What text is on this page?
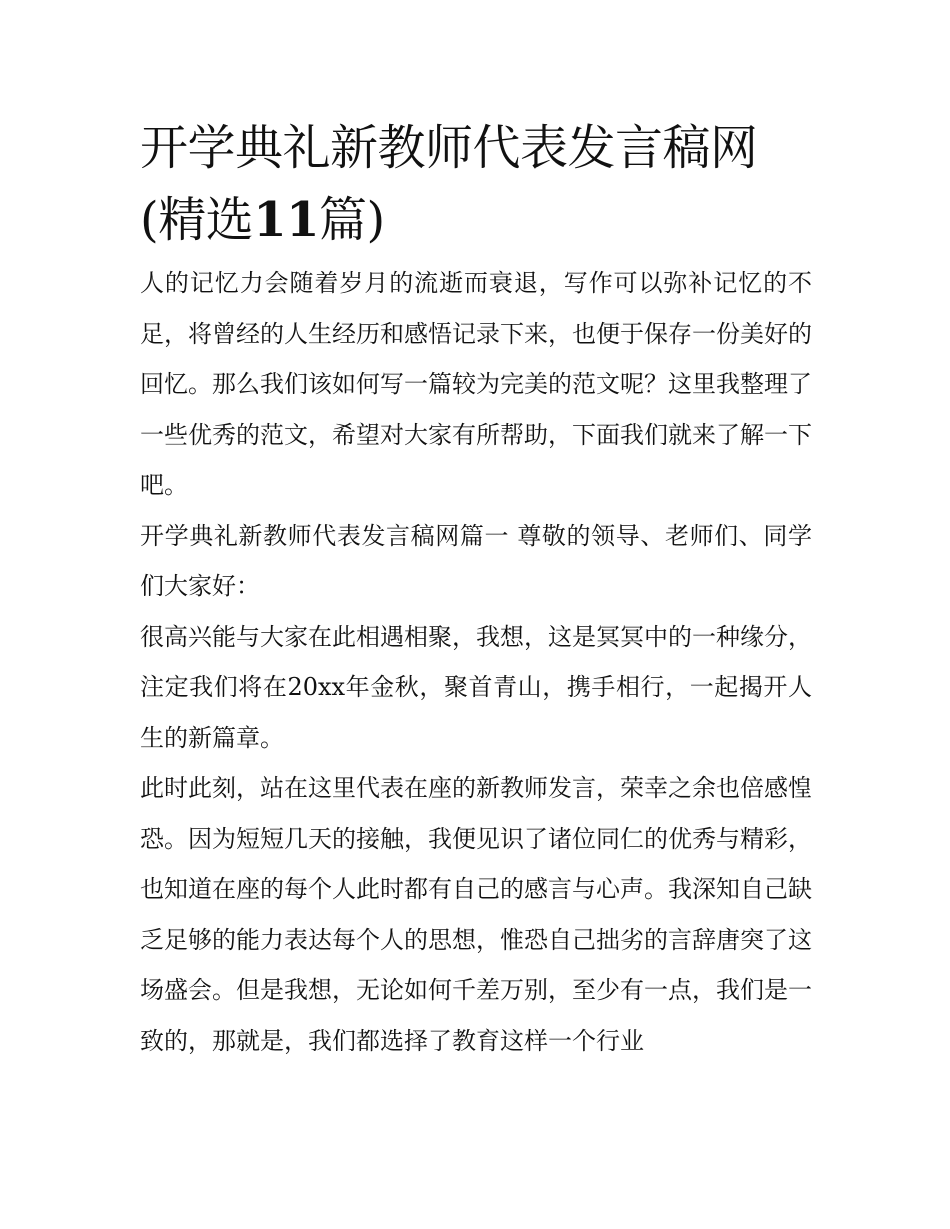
开学典礼新教师代表发言稿网
(精选11篇)

人的记忆力会随着岁月的流逝而衰退，写作可以弥补记忆的不足，将曾经的人生经历和感悟记录下来，也便于保存一份美好的回忆。那么我们该如何写一篇较为完美的范文呢？这里我整理了一些优秀的范文，希望对大家有所帮助，下面我们就来了解一下吧。

开学典礼新教师代表发言稿网篇一 尊敬的领导、老师们、同学们大家好：

很高兴能与大家在此相遇相聚，我想，这是冥冥中的一种缘分，注定我们将在20xx年金秋，聚首青山，携手相行，一起揭开人生的新篇章。

此时此刻，站在这里代表在座的新教师发言，荣幸之余也倍感惶恐。因为短短几天的接触，我便见识了诸位同仁的优秀与精彩，也知道在座的每个人此时都有自己的感言与心声。我深知自己缺乏足够的能力表达每个人的思想，惟恐自己拙劣的言辞唐突了这场盛会。但是我想，无论如何千差万别，至少有一点，我们是一致的，那就是，我们都选择了教育这样一个行业
